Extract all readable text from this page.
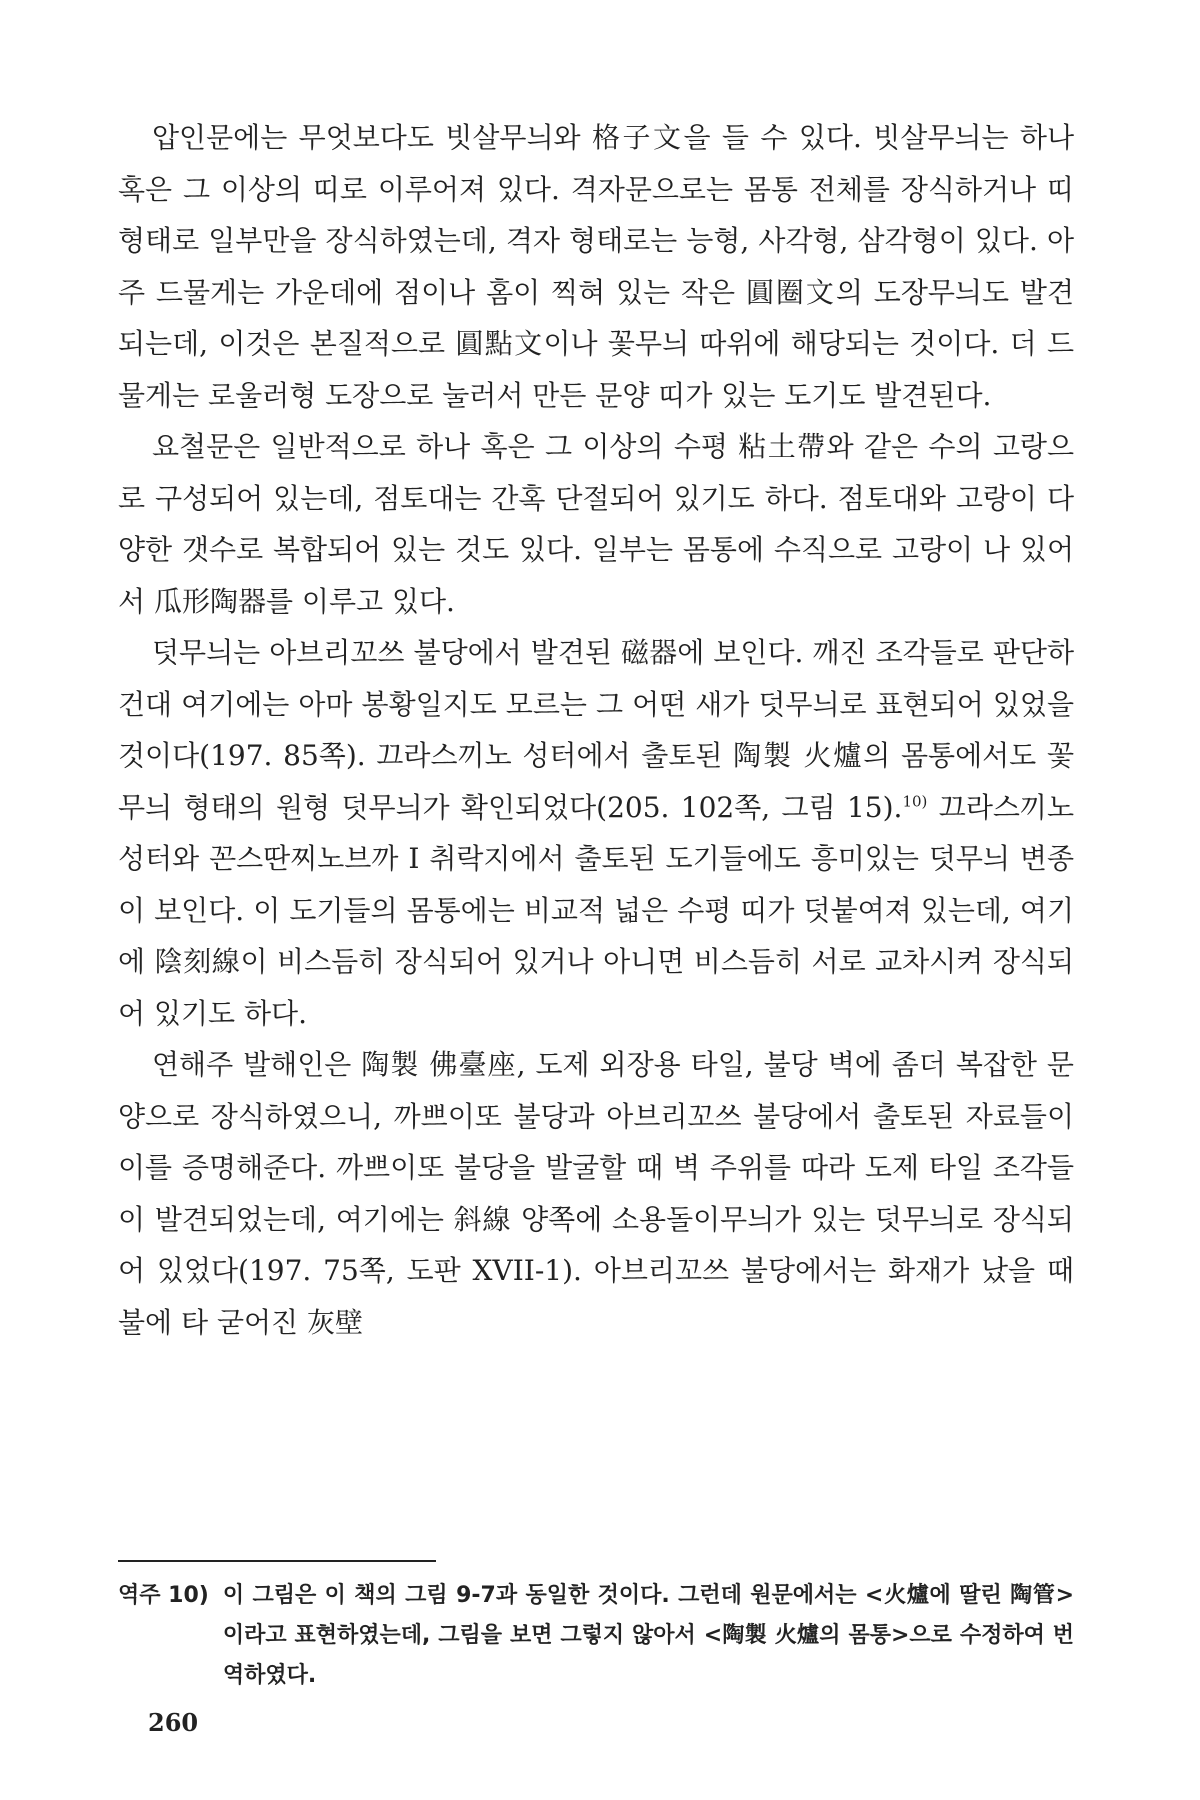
압인문에는 무엇보다도 빗살무늬와 格子文을 들 수 있다. 빗살무늬는 하나 혹은 그 이상의 띠로 이루어져 있다. 격자문으로는 몸통 전체를 장식하거나 띠 형태로 일부만을 장식하였는데, 격자 형태로는 능형, 사각형, 삼각형이 있다. 아주 드물게는 가운데에 점이나 홈이 찍혀 있는 작은 圓圈文의 도장무늬도 발견되는데, 이것은 본질적으로 圓點文이나 꽃무늬 따위에 해당되는 것이다. 더 드물게는 로울러형 도장으로 눌러서 만든 문양 띠가 있는 도기도 발견된다.

요철문은 일반적으로 하나 혹은 그 이상의 수평 粘土帶와 같은 수의 고랑으로 구성되어 있는데, 점토대는 간혹 단절되어 있기도 하다. 점토대와 고랑이 다양한 갯수로 복합되어 있는 것도 있다. 일부는 몸통에 수직으로 고랑이 나 있어서 瓜形陶器를 이루고 있다.

덧무늬는 아브리꼬쓰 불당에서 발견된 磁器에 보인다. 깨진 조각들로 판단하건대 여기에는 아마 봉황일지도 모르는 그 어떤 새가 덧무늬로 표현되어 있었을 것이다(197. 85쪽). 끄라스끼노 성터에서 출토된 陶製 火爐의 몸통에서도 꽃무늬 형태의 원형 덧무늬가 확인되었다(205. 102쪽, 그림 15).$^{10)}$ 끄라스끼노 성터와 꼰스딴찌노브까 I 취락지에서 출토된 도기들에도 흥미있는 덧무늬 변종이 보인다. 이 도기들의 몸통에는 비교적 넓은 수평 띠가 덧붙여져 있는데, 여기에 陰刻線이 비스듬히 장식되어 있거나 아니면 비스듬히 서로 교차시켜 장식되어 있기도 하다.

연해주 발해인은 陶製 佛臺座, 도제 외장용 타일, 불당 벽에 좀더 복잡한 문양으로 장식하였으니, 까쁘이또 불당과 아브리꼬쓰 불당에서 출토된 자료들이 이를 증명해준다. 까쁘이또 불당을 발굴할 때 벽 주위를 따라 도제 타일 조각들이 발견되었는데, 여기에는 斜線 양쪽에 소용돌이무늬가 있는 덧무늬로 장식되어 있었다(197. 75쪽, 도판 XVII-1). 아브리꼬쓰 불당에서는 화재가 났을 때 불에 타 굳어진 灰壁

역주 10) 이 그림은 이 책의 그림 9-7과 동일한 것이다. 그런데 원문에서는 <火爐에 딸린 陶管>이라고 표현하였는데, 그림을 보면 그렇지 않아서 <陶製 火爐의 몸통>으로 수정하여 번역하였다.
260
